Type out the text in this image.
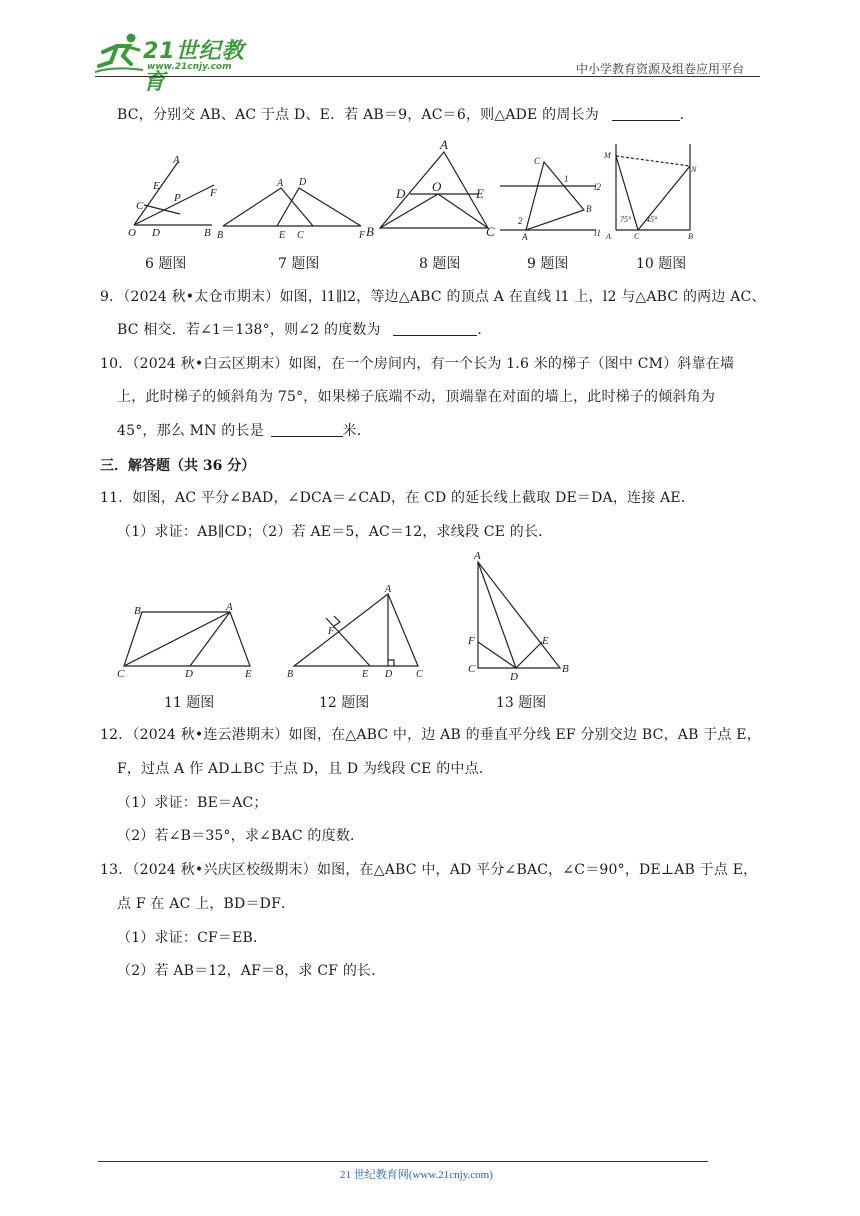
21世纪教育
www.21cnjy.com	中小学教育资源及组卷应用平台
BC，分别交 AB、AC 于点 D、E．若 AB＝9，AC＝6，则△ADE 的周长为	．
A
E
F
P
C
O D	B
A D
B	E C	F
A
D O	E
B	C
C
1
l2
B
2
A	l1
M
N
75° 45°
A	C	B
6 题图	7 题图	8 题图	9 题图	10 题图
9．（2024 秋•太仓市期末）如图，l1∥l2，等边△ABC 的顶点 A 在直线 l1 上，l2 与△ABC 的两边 AC、
BC 相交．若∠1＝138°，则∠2 的度数为	．
10．（2024 秋•白云区期末）如图，在一个房间内，有一个长为 1.6 米的梯子（图中 CM）斜靠在墙
上，此时梯子的倾斜角为 75°，如果梯子底端不动，顶端靠在对面的墙上，此时梯子的倾斜角为
45°，那么 MN 的长是	米．
三．解答题（共 36 分）
11．如图，AC 平分∠BAD，∠DCA＝∠CAD，在 CD 的延长线上截取 DE＝DA，连接 AE．
（1）求证：AB∥CD；（2）若 AE＝5，AC＝12，求线段 CE 的长．
B	A
C	D	E
A
F
B	E D C
A
F	E
C
D
B
11 题图	12 题图	13 题图
12．（2024 秋•连云港期末）如图，在△ABC 中，边 AB 的垂直平分线 EF 分别交边 BC，AB 于点 E，
F，过点 A 作 AD⊥BC 于点 D，且 D 为线段 CE 的中点．
（1）求证：BE＝AC；
（2）若∠B＝35°，求∠BAC 的度数．
13．（2024 秋•兴庆区校级期末）如图，在△ABC 中，AD 平分∠BAC，∠C＝90°，DE⊥AB 于点 E，
点 F 在 AC 上，BD＝DF．
（1）求证：CF＝EB．
（2）若 AB＝12，AF＝8，求 CF 的长．
21 世纪教育网(www.21cnjy.com)
